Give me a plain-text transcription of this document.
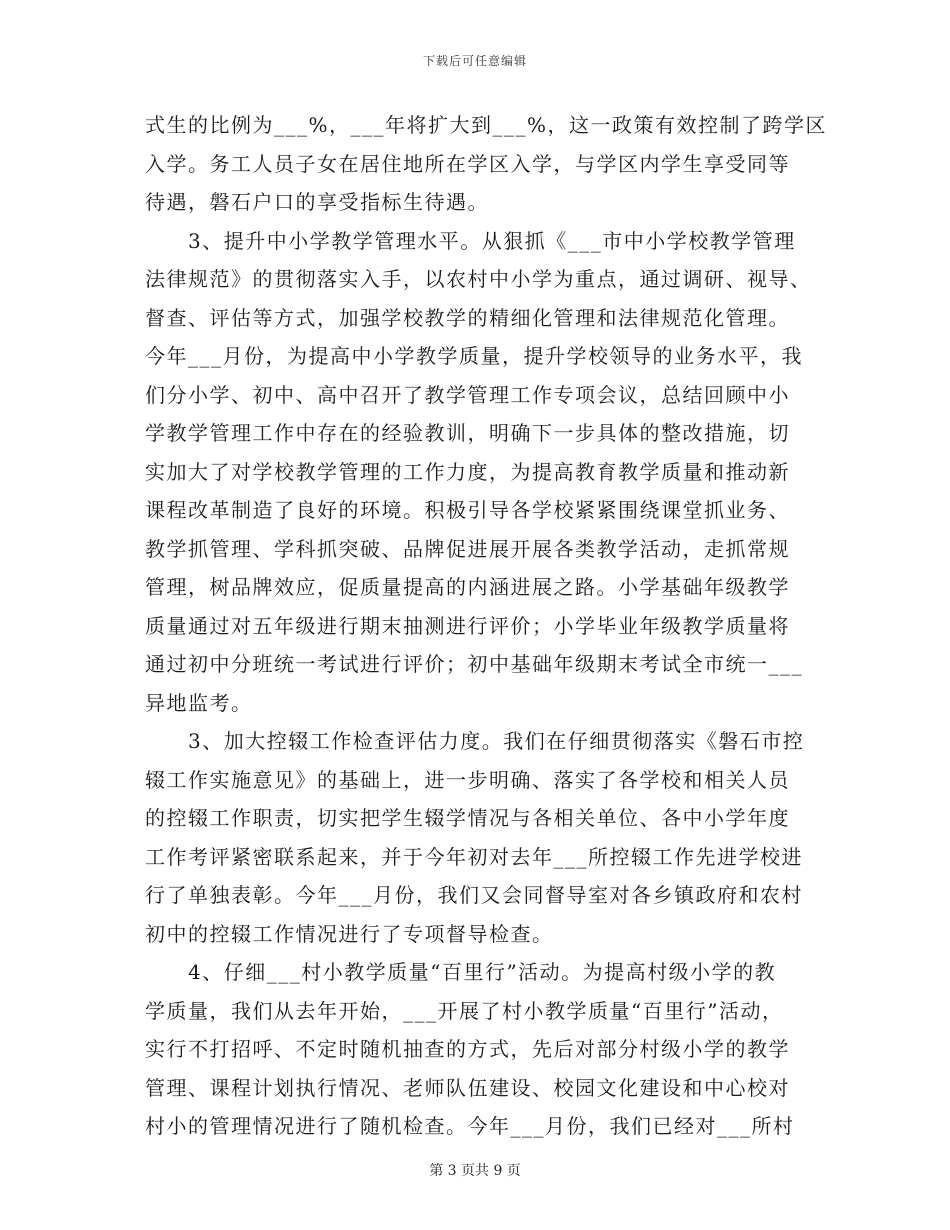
下载后可任意编辑
式生的比例为___%，___年将扩大到___%，这一政策有效控制了跨学区
入学。务工人员子女在居住地所在学区入学，与学区内学生享受同等
待遇，磐石户口的享受指标生待遇。
　　3、提升中小学教学管理水平。从狠抓《___市中小学校教学管理
法律规范》的贯彻落实入手，以农村中小学为重点，通过调研、视导、
督查、评估等方式，加强学校教学的精细化管理和法律规范化管理。
今年___月份，为提高中小学教学质量，提升学校领导的业务水平，我
们分小学、初中、高中召开了教学管理工作专项会议，总结回顾中小
学教学管理工作中存在的经验教训，明确下一步具体的整改措施，切
实加大了对学校教学管理的工作力度，为提高教育教学质量和推动新
课程改革制造了良好的环境。积极引导各学校紧紧围绕课堂抓业务、
教学抓管理、学科抓突破、品牌促进展开展各类教学活动，走抓常规
管理，树品牌效应，促质量提高的内涵进展之路。小学基础年级教学
质量通过对五年级进行期末抽测进行评价；小学毕业年级教学质量将
通过初中分班统一考试进行评价；初中基础年级期末考试全市统一___
异地监考。
　　3、加大控辍工作检查评估力度。我们在仔细贯彻落实《磐石市控
辍工作实施意见》的基础上，进一步明确、落实了各学校和相关人员
的控辍工作职责，切实把学生辍学情况与各相关单位、各中小学年度
工作考评紧密联系起来，并于今年初对去年___所控辍工作先进学校进
行了单独表彰。今年___月份，我们又会同督导室对各乡镇政府和农村
初中的控辍工作情况进行了专项督导检查。
　　4、仔细___村小教学质量“百里行”活动。为提高村级小学的教
学质量，我们从去年开始，___开展了村小教学质量“百里行”活动，
实行不打招呼、不定时随机抽查的方式，先后对部分村级小学的教学
管理、课程计划执行情况、老师队伍建设、校园文化建设和中心校对
村小的管理情况进行了随机检查。今年___月份，我们已经对___所村
第 3 页共 9 页
